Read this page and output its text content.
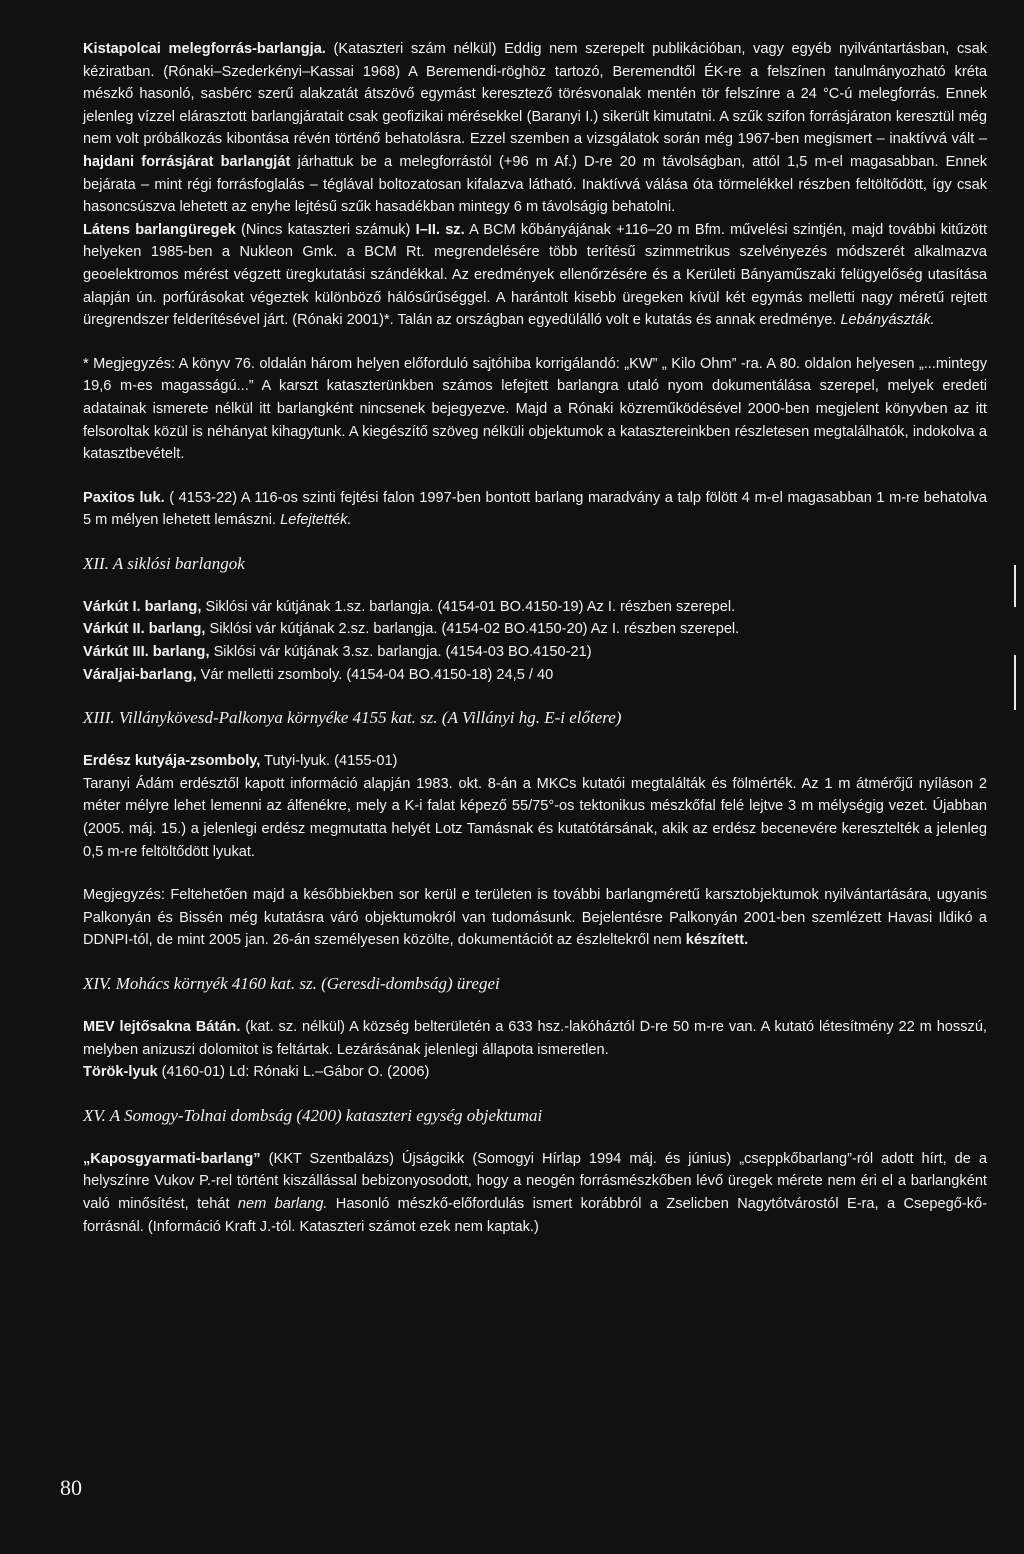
Kistapolcai melegforrás-barlangja. (Kataszteri szám nélkül) Eddig nem szerepelt publikációban, vagy egyéb nyilvántartásban, csak kéziratban. (Rónaki–Szederkényi–Kassai 1968) A Beremendi-röghöz tartozó, Beremendtől ÉK-re a felszínen tanulmányozható kréta mészkő hasonló, sasbérc szerű alakzatát átszövő egymást keresztező törésvonalak mentén tör felszínre a 24 °C-ú melegforrás. Ennek jelenleg vízzel elárasztott barlangjáratait csak geofizikai mérésekkel (Baranyi I.) sikerült kimutatni. A szűk szifon forrásjáraton keresztül még nem volt próbálkozás kibontása révén történő behatolásra. Ezzel szemben a vizsgálatok során még 1967-ben megismert – inaktívvá vált – hajdani forrásjárat barlangját járhattuk be a melegforrástól (+96 m Af.) D-re 20 m távolságban, attól 1,5 m-el magasabban. Ennek bejárata – mint régi forrásfoglalás – téglával boltozatosan kifalazva látható. Inaktívvá válása óta törmelékkel részben feltöltődött, így csak hasoncsúszva lehetett az enyhe lejtésű szűk hasadékban mintegy 6 m távolságig behatolni.

Látens barlangüregek (Nincs kataszteri számuk) I–II. sz. A BCM kőbányájának +116–20 m Bfm. művelési szintjén, majd további kitűzött helyeken 1985-ben a Nukleon Gmk. a BCM Rt. megrendelésére több terítésű szimmetrikus szelvényezés módszerét alkalmazva geoelektromos mérést végzett üregkutatási szándékkal. Az eredmények ellenőrzésére és a Kerületi Bányaműszaki felügyelőség utasítása alapján ún. porfúrásokat végeztek különböző hálósűrűséggel. A harántolt kisebb üregeken kívül két egymás melletti nagy méretű rejtett üregrendszer felderítésével járt. (Rónaki 2001)*. Talán az országban egyedülálló volt e kutatás és annak eredménye. Lebányászták.

* Megjegyzés: A könyv 76. oldalán három helyen előforduló sajtóhiba korrigálandó: „KW” „ Kilo Ohm” -ra. A 80. oldalon helyesen „...mintegy 19,6 m-es magasságú...” A karszt kataszterünkben számos lefejtett barlangra utaló nyom dokumentálása szerepel, melyek eredeti adatainak ismerete nélkül itt barlangként nincsenek bejegyezve. Majd a Rónaki közreműködésével 2000-ben megjelent könyvben az itt felsoroltak közül is néhányat kihagytunk. A kiegészítő szöveg nélküli objektumok a katasztereinkben részletesen megtalálhatók, indokolva a katasztbevételt.

Paxitos luk. ( 4153-22) A 116-os szinti fejtési falon 1997-ben bontott barlang maradvány a talp fölött 4 m-el magasabban 1 m-re behatolva 5 m mélyen lehetett lemászni. Lefejtették.

XII. A siklósi barlangok

Várkút I. barlang, Siklósi vár kútjának 1.sz. barlangja. (4154-01 BO.4150-19) Az I. részben szerepel.

Várkút II. barlang, Siklósi vár kútjának 2.sz. barlangja. (4154-02 BO.4150-20) Az I. részben szerepel.

Várkút III. barlang, Siklósi vár kútjának 3.sz. barlangja. (4154-03 BO.4150-21)

Váraljai-barlang, Vár melletti zsomboly. (4154-04 BO.4150-18) 24,5 / 40

XIII. Villánykövesd-Palkonya környéke 4155 kat. sz. (A Villányi hg. E-i előtere)

Erdész kutyája-zsomboly, Tutyi-lyuk. (4155-01)

Taranyi Ádám erdésztől kapott információ alapján 1983. okt. 8-án a MKCs kutatói megtalálták és fölmérték. Az 1 m átmérőjű nyíláson 2 méter mélyre lehet lemenni az álfenékre, mely a K-i falat képező 55/75°-os tektonikus mészkőfal felé lejtve 3 m mélységig vezet. Újabban (2005. máj. 15.) a jelenlegi erdész megmutatta helyét Lotz Tamásnak és kutatótársának, akik az erdész becenevére keresztelték a jelenleg 0,5 m-re feltöltődött lyukat.

Megjegyzés: Feltehetően majd a későbbiekben sor kerül e területen is további barlangméretű karsztobjektumok nyilvántartására, ugyanis Palkonyán és Bissén még kutatásra váró objektumokról van tudomásunk. Bejelentésre Palkonyán 2001-ben szemlézett Havasi Ildikó a DDNPI-tól, de mint 2005 jan. 26-án személyesen közölte, dokumentációt az észleltekről nem készített.

XIV. Mohács környék 4160 kat. sz. (Geresdi-dombság) üregei

MEV lejtősakna Bátán. (kat. sz. nélkül) A község belterületén a 633 hsz.-lakóháztól D-re 50 m-re van. A kutató létesítmény 22 m hosszú, melyben anizuszi dolomitot is feltártak. Lezárásának jelenlegi állapota ismeretlen.

Török-lyuk (4160-01) Ld: Rónaki L.–Gábor O. (2006)

XV. A Somogy-Tolnai dombság (4200) kataszteri egység objektumai

„Kaposgyarmati-barlang” (KKT Szentbalázs) Újságcikk (Somogyi Hírlap 1994 máj. és június) „cseppkőbarlang”-ról adott hírt, de a helyszínre Vukov P.-rel történt kiszállással bebizonyosodott, hogy a neogén forrásmészkőben lévő üregek mérete nem éri el a barlangként való minősítést, tehát nem barlang. Hasonló mészkő-előfordulás ismert korábbról a Zselicben Nagytótvárostól E-ra, a Csepegő-kő-forrásnál. (Információ Kraft J.-tól. Kataszteri számot ezek nem kaptak.)

80
